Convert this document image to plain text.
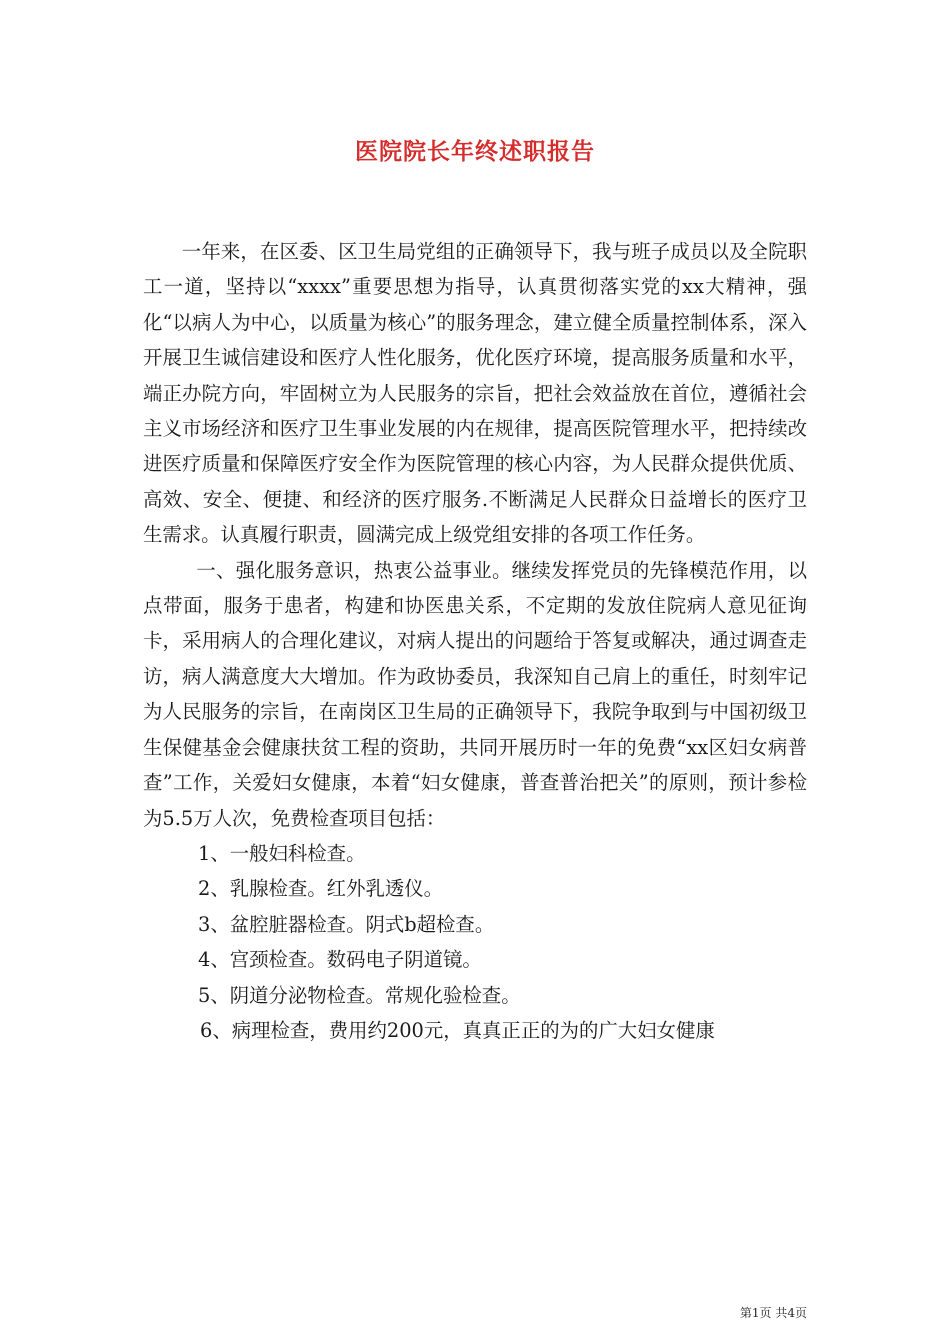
医院院长年终述职报告

一年来，在区委、区卫生局党组的正确领导下，我与班子成员以及全院职工一道，坚持以“xxxx”重要思想为指导，认真贯彻落实党的xx大精神，强化“以病人为中心，以质量为核心”的服务理念，建立健全质量控制体系，深入开展卫生诚信建设和医疗人性化服务，优化医疗环境，提高服务质量和水平，端正办院方向，牢固树立为人民服务的宗旨，把社会效益放在首位，遵循社会主义市场经济和医疗卫生事业发展的内在规律，提高医院管理水平，把持续改进医疗质量和保障医疗安全作为医院管理的核心内容，为人民群众提供优质、高效、安全、便捷、和经济的医疗服务.不断满足人民群众日益增长的医疗卫生需求。认真履行职责，圆满完成上级党组安排的各项工作任务。

一、强化服务意识，热衷公益事业。继续发挥党员的先锋模范作用，以点带面，服务于患者，构建和协医患关系，不定期的发放住院病人意见征询卡，采用病人的合理化建议，对病人提出的问题给于答复或解决，通过调查走访，病人满意度大大增加。作为政协委员，我深知自己肩上的重任，时刻牢记为人民服务的宗旨，在南岗区卫生局的正确领导下，我院争取到与中国初级卫生保健基金会健康扶贫工程的资助，共同开展历时一年的免费“xx区妇女病普查”工作，关爱妇女健康，本着“妇女健康，普查普治把关”的原则，预计参检为5.5万人次，免费检查项目包括：

1、一般妇科检查。

2、乳腺检查。红外乳透仪。

3、盆腔脏器检查。阴式b超检查。

4、宫颈检查。数码电子阴道镜。

5、阴道分泌物检查。常规化验检查。

6、病理检查，费用约200元，真真正正的为的广大妇女健康

第1页 共4页
